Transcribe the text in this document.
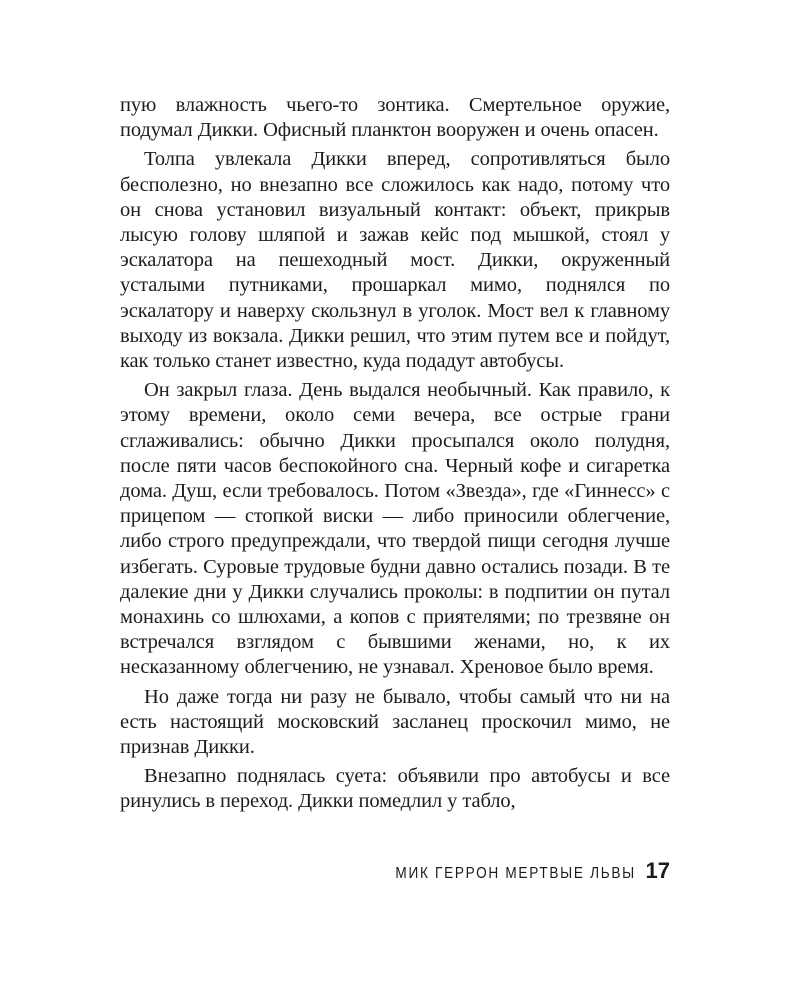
пую влажность чьего-то зонтика. Смертельное оружие, подумал Дикки. Офисный планктон вооружен и очень опасен.

Толпа увлекала Дикки вперед, сопротивляться было бесполезно, но внезапно все сложилось как надо, потому что он снова установил визуальный контакт: объект, прикрыв лысую голову шляпой и зажав кейс под мышкой, стоял у эскалатора на пешеходный мост. Дикки, окруженный усталыми путниками, прошаркал мимо, поднялся по эскалатору и наверху скользнул в уголок. Мост вел к главному выходу из вокзала. Дикки решил, что этим путем все и пойдут, как только станет известно, куда подадут автобусы.

Он закрыл глаза. День выдался необычный. Как правило, к этому времени, около семи вечера, все острые грани сглаживались: обычно Дикки просыпался около полудня, после пяти часов беспокойного сна. Черный кофе и сигаретка дома. Душ, если требовалось. Потом «Звезда», где «Гиннесс» с прицепом — стопкой виски — либо приносили облегчение, либо строго предупреждали, что твердой пищи сегодня лучше избегать. Суровые трудовые будни давно остались позади. В те далекие дни у Дикки случались проколы: в подпитии он путал монахинь со шлюхами, а копов с приятелями; по трезвяне он встречался взглядом с бывшими женами, но, к их несказанному облегчению, не узнавал. Хреновое было время.

Но даже тогда ни разу не бывало, чтобы самый что ни на есть настоящий московский засланец проскочил мимо, не признав Дикки.

Внезапно поднялась суета: объявили про автобусы и все ринулись в переход. Дикки помедлил у табло,

МИК ГЕРРОН МЕРТВЫЕ ЛЬВЫ 17
